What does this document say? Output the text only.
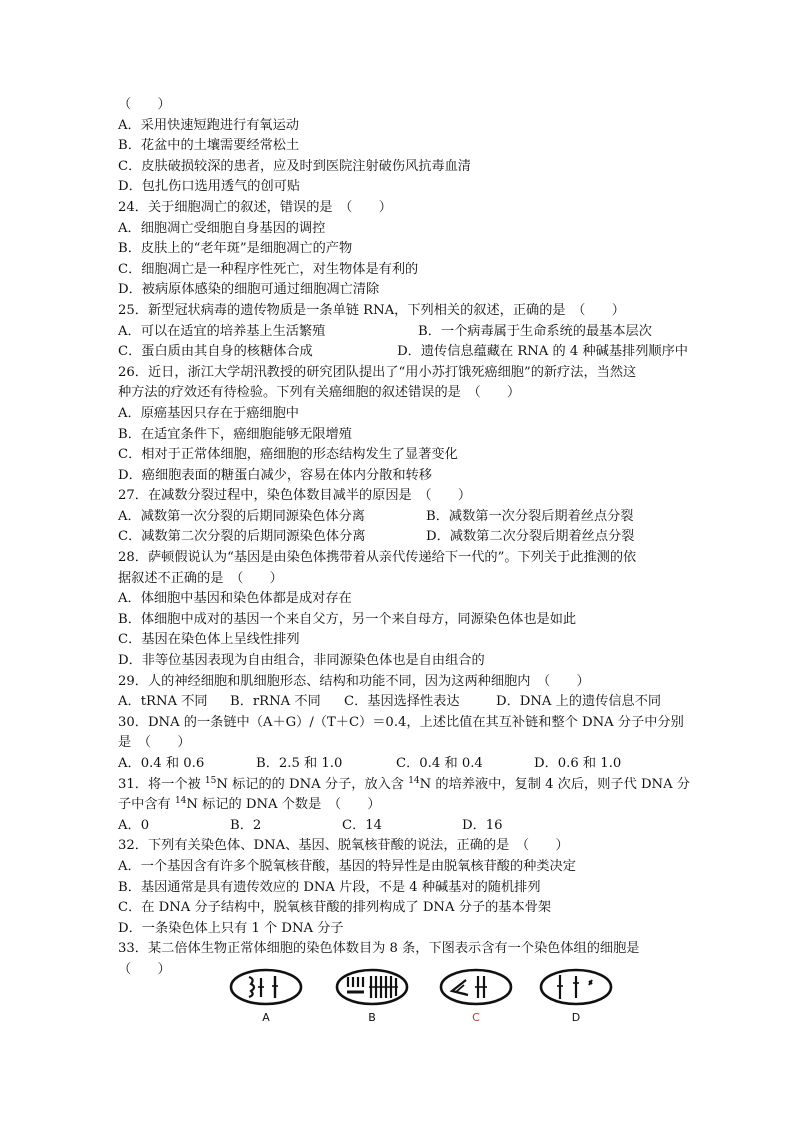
（　　）
A．采用快速短跑进行有氧运动
B．花盆中的土壤需要经常松土
C．皮肤破损较深的患者，应及时到医院注射破伤风抗毒血清
D．包扎伤口选用透气的创可贴
24．关于细胞凋亡的叙述，错误的是　（　　）
A．细胞凋亡受细胞自身基因的调控
B．皮肤上的“老年斑”是细胞凋亡的产物
C．细胞凋亡是一种程序性死亡，对生物体是有利的
D．被病原体感染的细胞可通过细胞凋亡清除
25．新型冠状病毒的遗传物质是一条单链 RNA，下列相关的叙述，正确的是　（　　）
A．可以在适宜的培养基上生活繁殖	B．一个病毒属于生命系统的最基本层次
C．蛋白质由其自身的核糖体合成	D．遗传信息蕴藏在 RNA 的 4 种碱基排列顺序中
26．近日，浙江大学胡汛教授的研究团队提出了“用小苏打饿死癌细胞”的新疗法，当然这
种方法的疗效还有待检验。下列有关癌细胞的叙述错误的是　（　　）
A．原癌基因只存在于癌细胞中
B．在适宜条件下，癌细胞能够无限增殖
C．相对于正常体细胞，癌细胞的形态结构发生了显著变化
D．癌细胞表面的糖蛋白减少，容易在体内分散和转移
27．在减数分裂过程中，染色体数目减半的原因是　（　　）
A．减数第一次分裂的后期同源染色体分离	B．减数第一次分裂后期着丝点分裂
C．减数第二次分裂的后期同源染色体分离	D．减数第二次分裂后期着丝点分裂
28．萨顿假说认为“基因是由染色体携带着从亲代传递给下一代的”。下列关于此推测的依
据叙述不正确的是　（　　）
A．体细胞中基因和染色体都是成对存在
B．体细胞中成对的基因一个来自父方，另一个来自母方，同源染色体也是如此
C．基因在染色体上呈线性排列
D．非等位基因表现为自由组合，非同源染色体也是自由组合的
29．人的神经细胞和肌细胞形态、结构和功能不同，因为这两种细胞内　（　　）
A．tRNA 不同	B．rRNA 不同	C．基因选择性表达	D．DNA 上的遗传信息不同
30．DNA 的一条链中（A＋G）/（T＋C）＝0.4，上述比值在其互补链和整个 DNA 分子中分别
是　（　　）
A．0.4 和 0.6	B．2.5 和 1.0	C．0.4 和 0.4	D．0.6 和 1.0
31．将一个被 $^{15}$N 标记的的 DNA 分子，放入含 $^{14}$N 的培养液中，复制 4 次后，则子代 DNA 分
子中含有 $^{14}$N 标记的 DNA 个数是　（　　）
A．0	B．2	C．14	D．16
32．下列有关染色体、DNA、基因、脱氧核苷酸的说法，正确的是　（　　）
A．一个基因含有许多个脱氧核苷酸，基因的特异性是由脱氧核苷酸的种类决定
B．基因通常是具有遗传效应的 DNA 片段，不是 4 种碱基对的随机排列
C．在 DNA 分子结构中，脱氧核苷酸的排列构成了 DNA 分子的基本骨架
D．一条染色体上只有 1 个 DNA 分子
33．某二倍体生物正常体细胞的染色体数目为 8 条，下图表示含有一个染色体组的细胞是
（　　）
A	B	C	D
